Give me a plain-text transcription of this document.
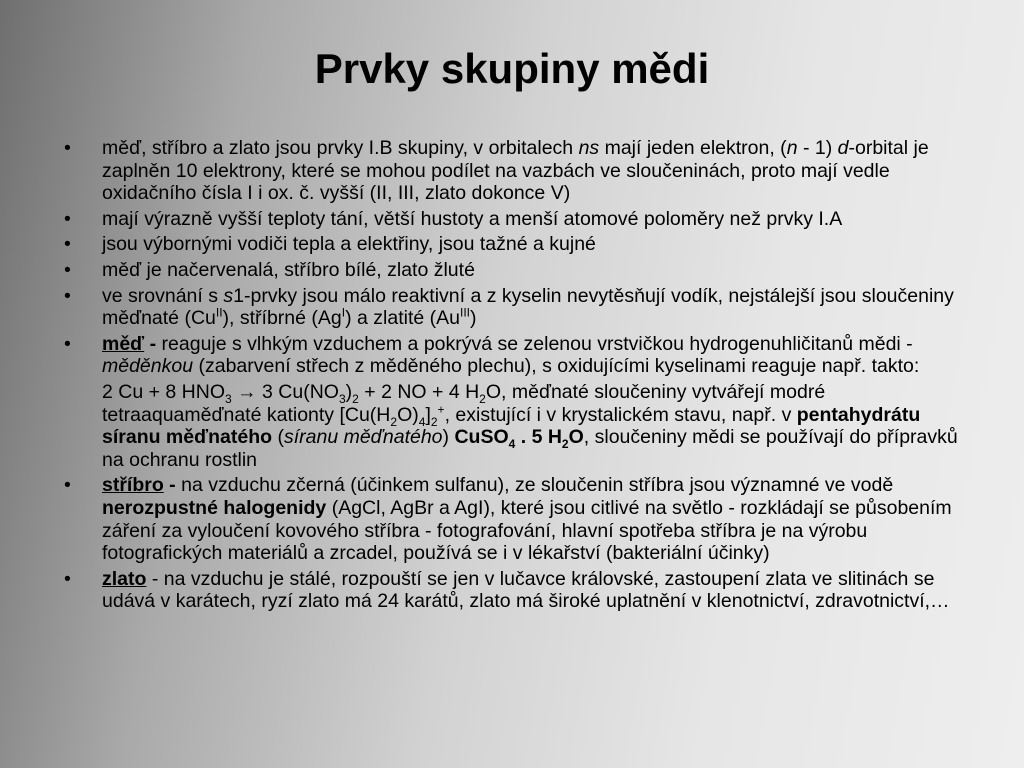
Prvky skupiny mědi
• měď, stříbro a zlato jsou prvky I.B skupiny, v orbitalech ns mají jeden elektron, (n - 1) d-orbital je zaplněn 10 elektrony, které se mohou podílet na vazbách ve sloučeninách, proto mají vedle oxidačního čísla I i ox. č. vyšší (II, III, zlato dokonce V)
• mají výrazně vyšší teploty tání, větší hustoty a menší atomové poloměry než prvky I.A
• jsou výbornými vodiči tepla a elektřiny, jsou tažné a kujné
• měď je načervenalá, stříbro bílé, zlato žluté
• ve srovnání s s1-prvky jsou málo reaktivní a z kyselin nevytěsňují vodík, nejstálejší jsou sloučeniny měďnaté $(Cu^{II})$, stříbrné $(Ag^I)$ a zlatité $(Au^{III})$
• měď - reaguje s vlhkým vzduchem a pokrývá se zelenou vrstvičkou hydrogenuhličitanů mědi - měděnkou (zabarvení střech z měděného plechu), s oxidujícími kyselinami reaguje např. takto:
2 Cu + 8 $HNO_3 \to 3$ $Cu(NO_3)_2 + 2$ NO + 4 $H_2O$, měďnaté sloučeniny vytvářejí modré tetraaquaměďnaté kationty $[Cu(H_2O)_4]_2^+$, existující i v krystalickém stavu, např. v pentahydrátu síranu měďnatého (síranu měďnatého) CuSO$_4$ . 5 $H_2O$, sloučeniny mědi se používají do přípravků na ochranu rostlin
• stříbro - na vzduchu zčerná (účinkem sulfanu), ze sloučenin stříbra jsou významné ve vodě nerozpustné halogenidy (AgCl, AgBr a AgI), které jsou citlivé na světlo - rozkládají se působením záření za vyloučení kovového stříbra - fotografování, hlavní spotřeba stříbra je na výrobu fotografických materiálů a zrcadel, používá se i v lékařství (bakteriální účinky)
• zlato - na vzduchu je stálé, rozpouští se jen v lučavce královské, zastoupení zlata ve slitinách se udává v karátech, ryzí zlato má 24 karátů, zlato má široké uplatnění v klenotnictví, zdravotnictví,…
